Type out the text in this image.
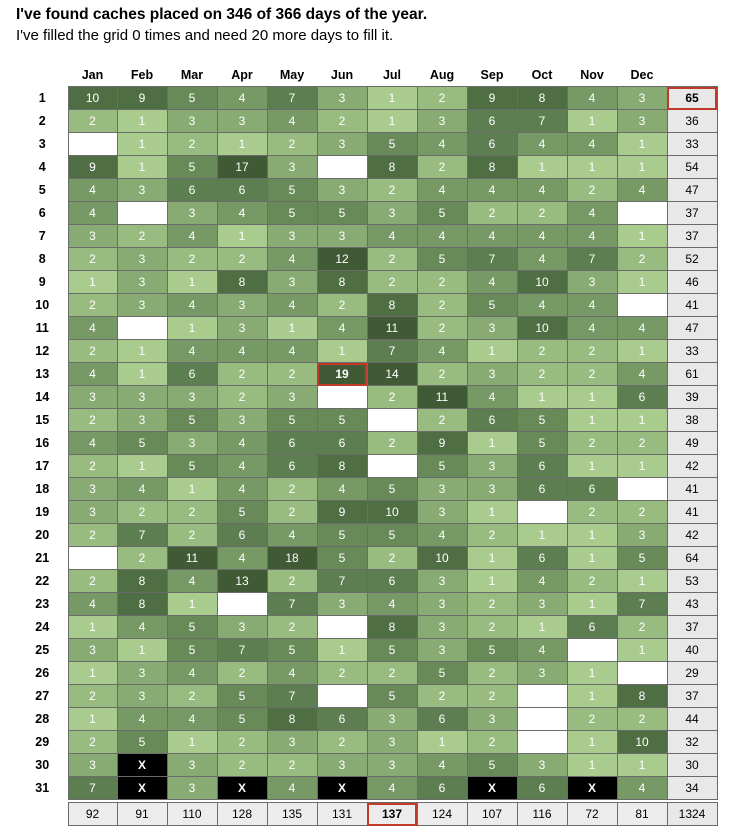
I've found caches placed on 346 of 366 days of the year.
I've filled the grid 0 times and need 20 more days to fill it.
	Jan	Feb	Mar	Apr	May	Jun	Jul	Aug	Sep	Oct	Nov	Dec	
1	10	9	5	4	7	3	1	2	9	8	4	3	65
2	2	1	3	3	4	2	1	3	6	7	1	3	36
3		1	2	1	2	3	5	4	6	4	4	1	33
4	9	1	5	17	3		8	2	8	1	1	1	54
5	4	3	6	6	5	3	2	4	4	4	2	4	47
6	4		3	4	5	5	3	5	2	2	4		37
7	3	2	4	1	3	3	4	4	4	4	4	1	37
8	2	3	2	2	4	12	2	5	7	4	7	2	52
9	1	3	1	8	3	8	2	2	4	10	3	1	46
10	2	3	4	3	4	2	8	2	5	4	4		41
11	4		1	3	1	4	11	2	3	10	4	4	47
12	2	1	4	4	4	1	7	4	1	2	2	1	33
13	4	1	6	2	2	19	14	2	3	2	2	4	61
14	3	3	3	2	3		2	11	4	1	1	6	39
15	2	3	5	3	5	5		2	6	5	1	1	38
16	4	5	3	4	6	6	2	9	1	5	2	2	49
17	2	1	5	4	6	8		5	3	6	1	1	42
18	3	4	1	4	2	4	5	3	3	6	6		41
19	3	2	2	5	2	9	10	3	1		2	2	41
20	2	7	2	6	4	5	5	4	2	1	1	3	42
21		2	11	4	18	5	2	10	1	6	1	5	64
22	2	8	4	13	2	7	6	3	1	4	2	1	53
23	4	8	1		7	3	4	3	2	3	1	7	43
24	1	4	5	3	2		8	3	2	1	6	2	37
25	3	1	5	7	5	1	5	3	5	4		1	40
26	1	3	4	2	4	2	2	5	2	3	1		29
27	2	3	2	5	7		5	2	2		1	8	37
28	1	4	4	5	8	6	3	6	3		2	2	44
29	2	5	1	2	3	2	3	1	2		1	10	32
30	3	X	3	2	2	3	3	4	5	3	1	1	30
31	7	X	3	X	4	X	4	6	X	6	X	4	34

	92	91	110	128	135	131	137	124	107	116	72	81	1324
